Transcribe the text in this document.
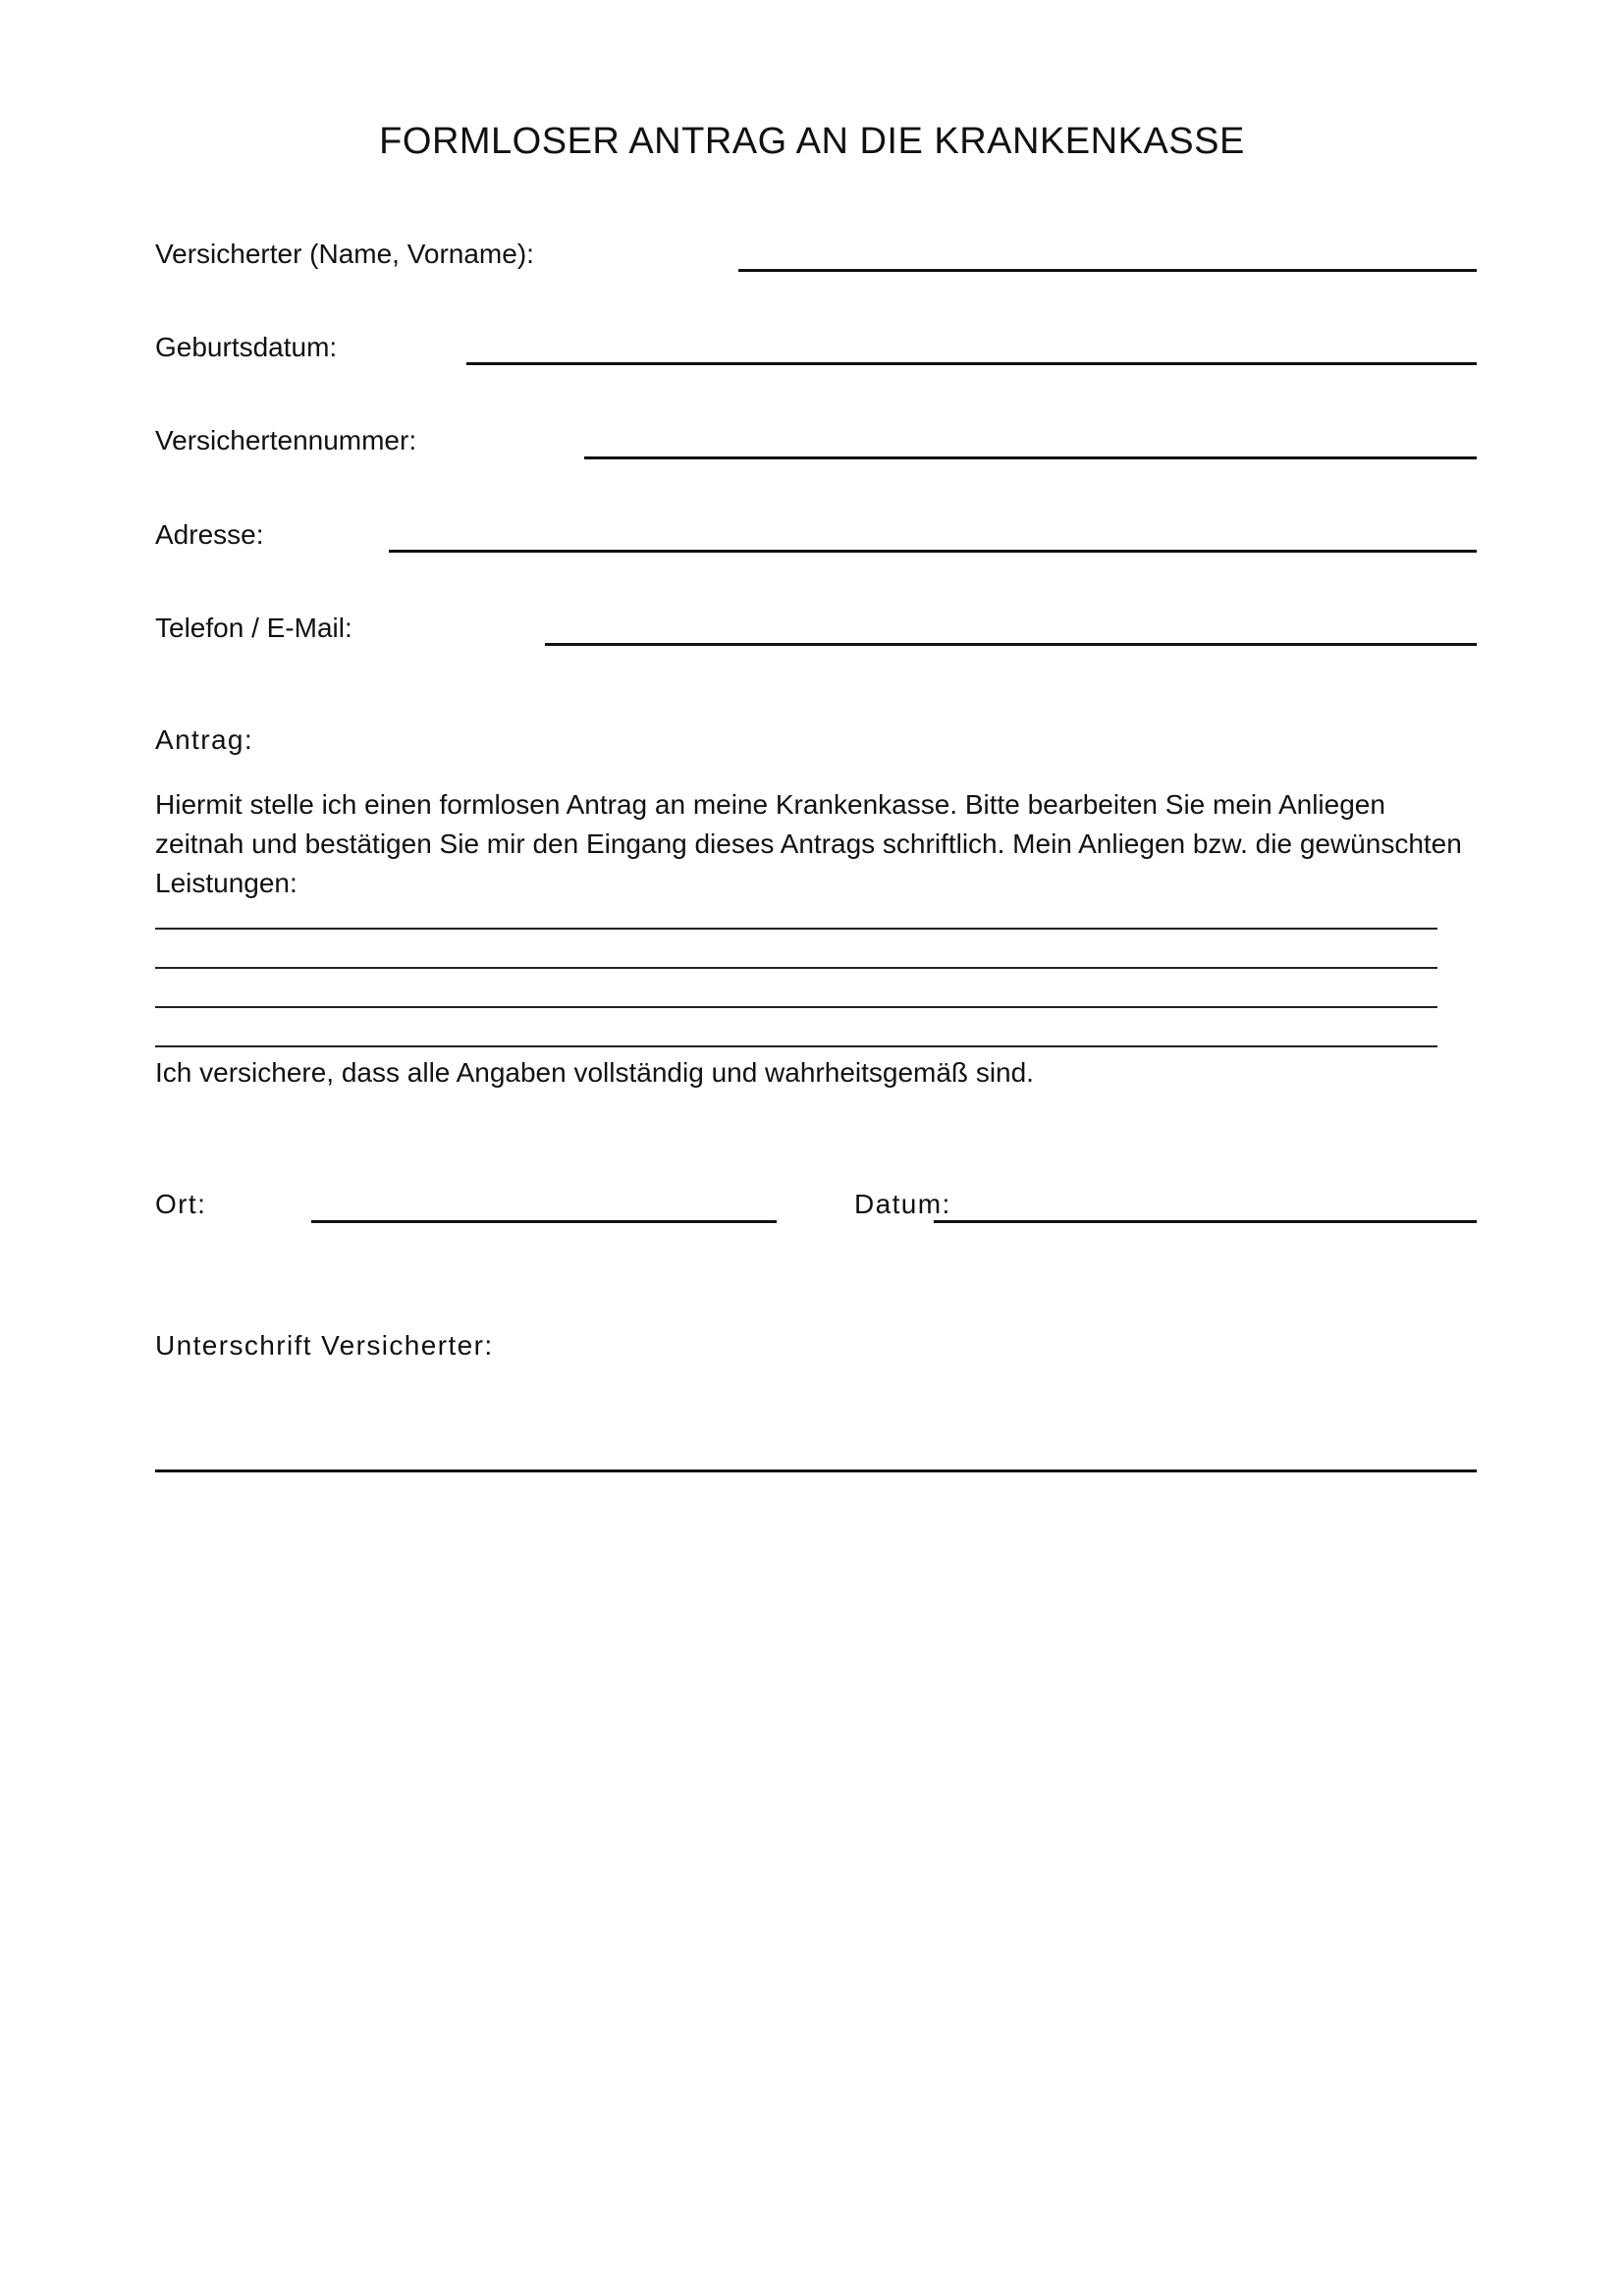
FORMLOSER ANTRAG AN DIE KRANKENKASSE
Versicherter (Name, Vorname):
Geburtsdatum:
Versichertennummer:
Adresse:
Telefon / E-Mail:
Antrag:
Hiermit stelle ich einen formlosen Antrag an meine Krankenkasse. Bitte bearbeiten Sie mein Anliegen
zeitnah und bestätigen Sie mir den Eingang dieses Antrags schriftlich. Mein Anliegen bzw. die gewünschten
Leistungen:
Ich versichere, dass alle Angaben vollständig und wahrheitsgemäß sind.
Ort:	Datum:
Unterschrift Versicherter:
